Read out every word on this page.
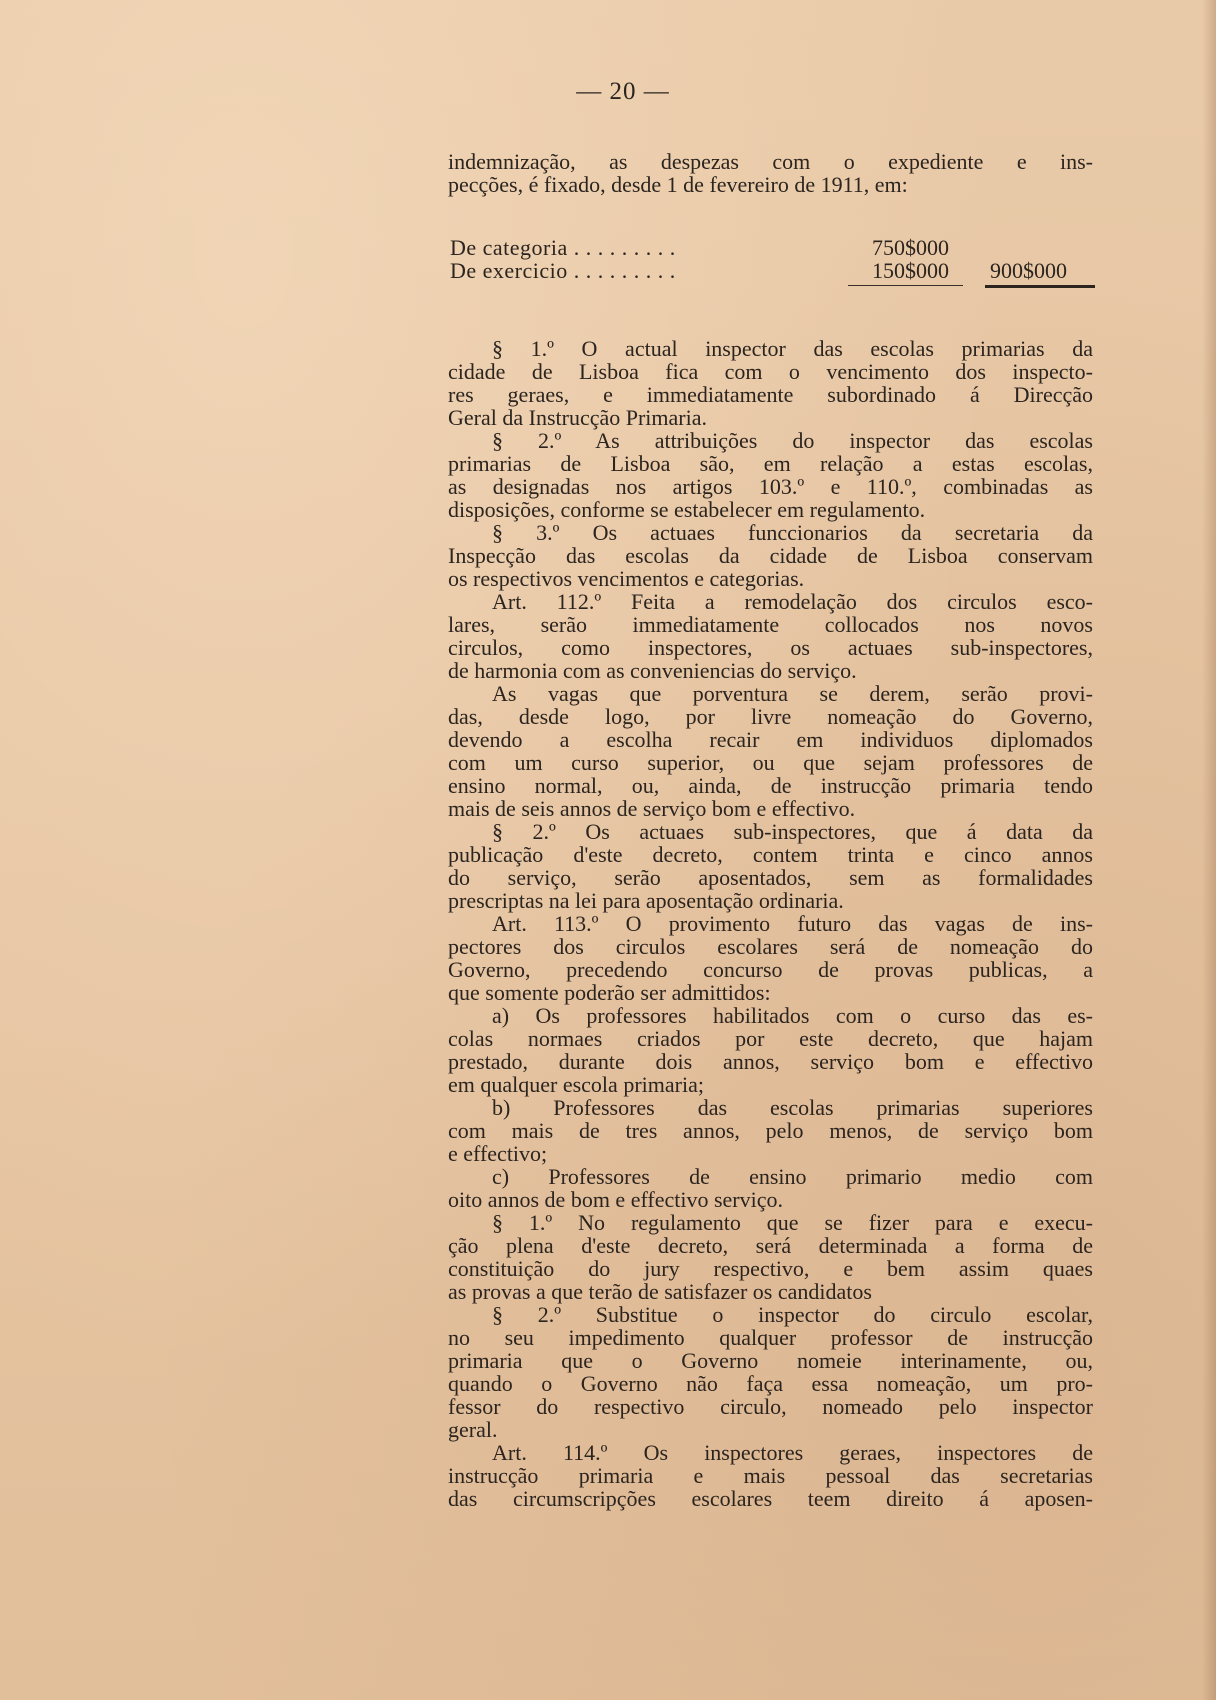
— 20 —
indemnização, as despezas com o expediente e ins-
pecções, é fixado, desde 1 de fevereiro de 1911, em:
De categoria . . . . . . . . .	750$000
De exercicio . . . . . . . . .	150$000 900$000
§ 1.º O actual inspector das escolas primarias da
cidade de Lisboa fica com o vencimento dos inspecto-
res geraes, e immediatamente subordinado á Direcção
Geral da Instrucção Primaria.
§ 2.º As attribuições do inspector das escolas
primarias de Lisboa são, em relação a estas escolas,
as designadas nos artigos 103.º e 110.º, combinadas as
disposições, conforme se estabelecer em regulamento.
§ 3.º Os actuaes funccionarios da secretaria da
Inspecção das escolas da cidade de Lisboa conservam
os respectivos vencimentos e categorias.
Art. 112.º Feita a remodelação dos circulos esco-
lares, serão immediatamente collocados nos novos
circulos, como inspectores, os actuaes sub-inspectores,
de harmonia com as conveniencias do serviço.
As vagas que porventura se derem, serão provi-
das, desde logo, por livre nomeação do Governo,
devendo a escolha recair em individuos diplomados
com um curso superior, ou que sejam professores de
ensino normal, ou, ainda, de instrucção primaria tendo
mais de seis annos de serviço bom e effectivo.
§ 2.º Os actuaes sub-inspectores, que á data da
publicação d'este decreto, contem trinta e cinco annos
do serviço, serão aposentados, sem as formalidades
prescriptas na lei para aposentação ordinaria.
Art. 113.º O provimento futuro das vagas de ins-
pectores dos circulos escolares será de nomeação do
Governo, precedendo concurso de provas publicas, a
que somente poderão ser admittidos:
a) Os professores habilitados com o curso das es-
colas normaes criados por este decreto, que hajam
prestado, durante dois annos, serviço bom e effectivo
em qualquer escola primaria;
b) Professores das escolas primarias superiores
com mais de tres annos, pelo menos, de serviço bom
e effectivo;
c) Professores de ensino primario medio com
oito annos de bom e effectivo serviço.
§ 1.º No regulamento que se fizer para e execu-
ção plena d'este decreto, será determinada a forma de
constituição do jury respectivo, e bem assim quaes
as provas a que terão de satisfazer os candidatos
§ 2.º Substitue o inspector do circulo escolar,
no seu impedimento qualquer professor de instrucção
primaria que o Governo nomeie interinamente, ou,
quando o Governo não faça essa nomeação, um pro-
fessor do respectivo circulo, nomeado pelo inspector
geral.
Art. 114.º Os inspectores geraes, inspectores de
instrucção primaria e mais pessoal das secretarias
das circumscripções escolares teem direito á aposen-
